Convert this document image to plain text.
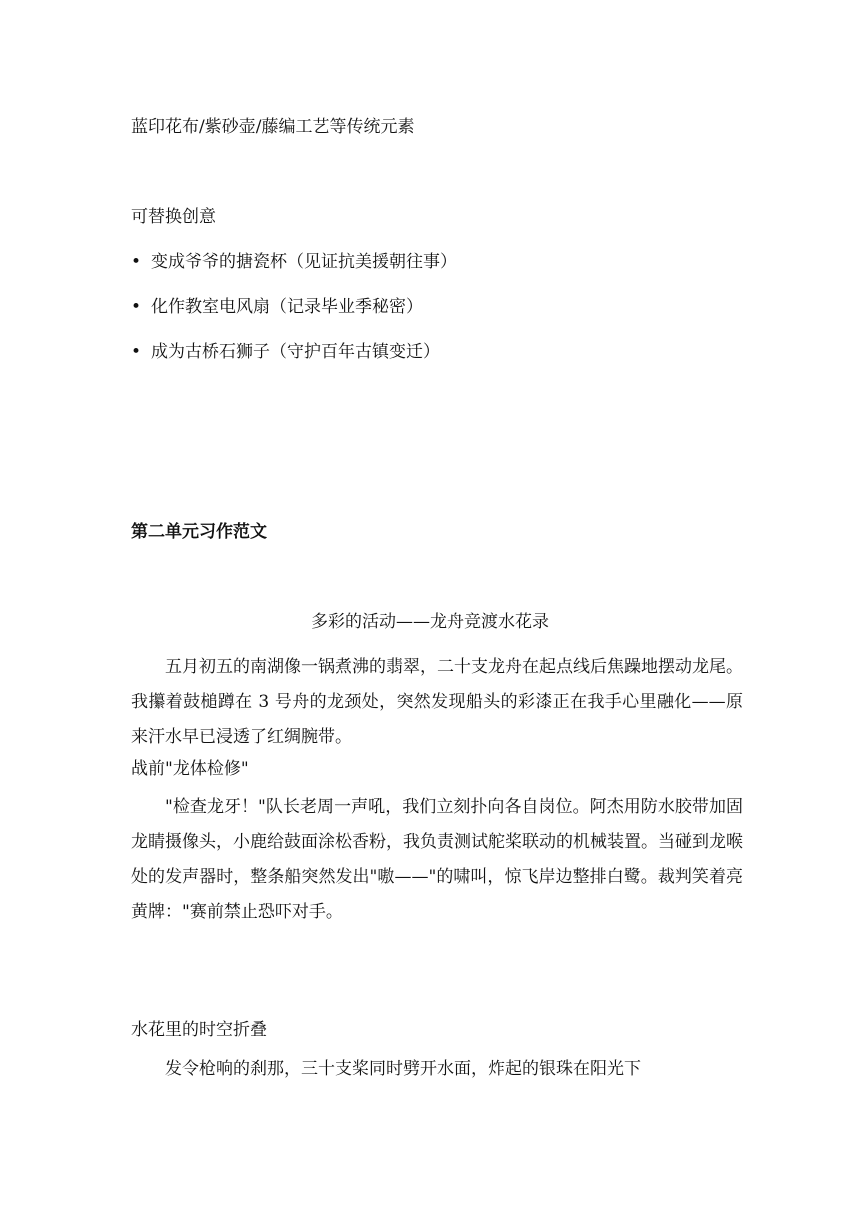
蓝印花布/紫砂壶/藤编工艺等传统元素
可替换创意
• 变成爷爷的搪瓷杯（见证抗美援朝往事）
• 化作教室电风扇（记录毕业季秘密）
• 成为古桥石狮子（守护百年古镇变迁）
第二单元习作范文
多彩的活动——龙舟竞渡水花录

五月初五的南湖像一锅煮沸的翡翠，二十支龙舟在起点线后焦躁地摆动龙尾。我攥着鼓槌蹲在 3 号舟的龙颈处，突然发现船头的彩漆正在我手心里融化——原来汗水早已浸透了红绸腕带。

战前"龙体检修"

"检查龙牙！"队长老周一声吼，我们立刻扑向各自岗位。阿杰用防水胶带加固龙睛摄像头，小鹿给鼓面涂松香粉，我负责测试舵桨联动的机械装置。当碰到龙喉处的发声器时，整条船突然发出"嗷——"的啸叫，惊飞岸边整排白鹭。裁判笑着亮黄牌："赛前禁止恐吓对手。

水花里的时空折叠

发令枪响的刹那，三十支桨同时劈开水面，炸起的银珠在阳光下
